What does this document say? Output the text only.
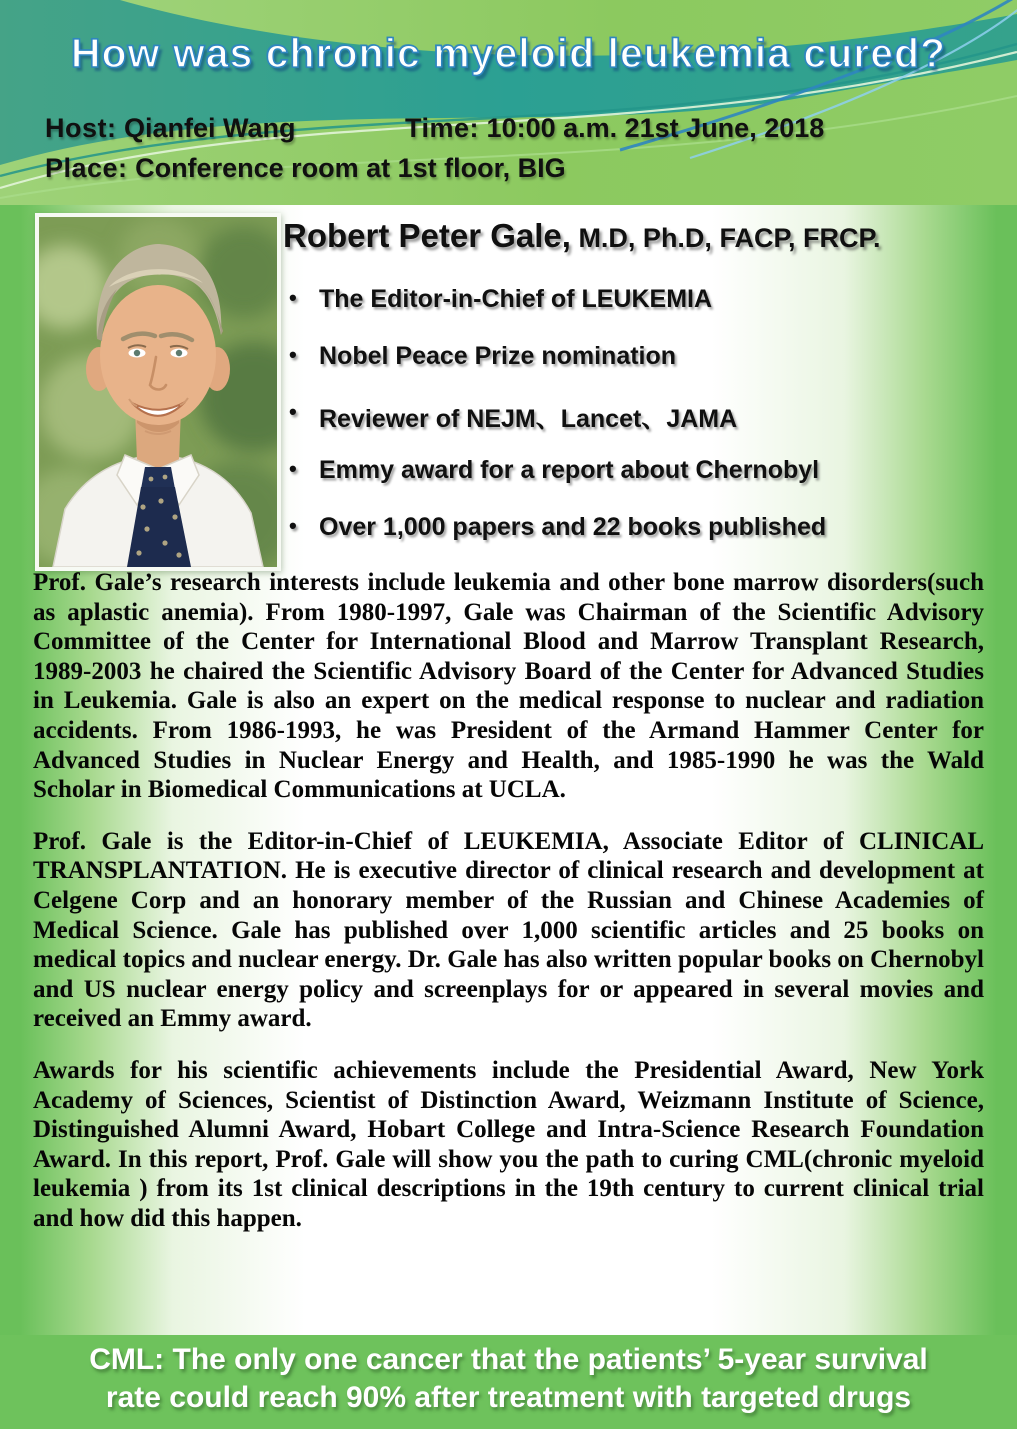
How was chronic myeloid leukemia cured?
Host: Qianfei Wang	Time: 10:00 a.m. 21st June, 2018
Place: Conference room at 1st floor, BIG
Robert Peter Gale, M.D, Ph.D, FACP, FRCP.
• The Editor-in-Chief of LEUKEMIA
• Nobel Peace Prize nomination
• Reviewer of NEJM、Lancet、JAMA
• Emmy award for a report about Chernobyl
• Over 1,000 papers and 22 books published

Prof. Gale’s research interests include leukemia and other bone marrow disorders(such as aplastic anemia). From 1980-1997, Gale was Chairman of the Scientific Advisory Committee of the Center for International Blood and Marrow Transplant Research, 1989-2003 he chaired the Scientific Advisory Board of the Center for Advanced Studies in Leukemia. Gale is also an expert on the medical response to nuclear and radiation accidents. From 1986-1993, he was President of the Armand Hammer Center for Advanced Studies in Nuclear Energy and Health, and 1985-1990 he was the Wald Scholar in Biomedical Communications at UCLA.

Prof. Gale is the Editor-in-Chief of LEUKEMIA, Associate Editor of CLINICAL TRANSPLANTATION. He is executive director of clinical research and development at Celgene Corp and an honorary member of the Russian and Chinese Academies of Medical Science. Gale has published over 1,000 scientific articles and 25 books on medical topics and nuclear energy. Dr. Gale has also written popular books on Chernobyl and US nuclear energy policy and screenplays for or appeared in several movies and received an Emmy award.

Awards for his scientific achievements include the Presidential Award, New York Academy of Sciences, Scientist of Distinction Award, Weizmann Institute of Science, Distinguished Alumni Award, Hobart College and Intra-Science Research Foundation Award. In this report, Prof. Gale will show you the path to curing CML(chronic myeloid leukemia ) from its 1st clinical descriptions in the 19th century to current clinical trial and how did this happen.

CML: The only one cancer that the patients’ 5-year survival
rate could reach 90% after treatment with targeted drugs
